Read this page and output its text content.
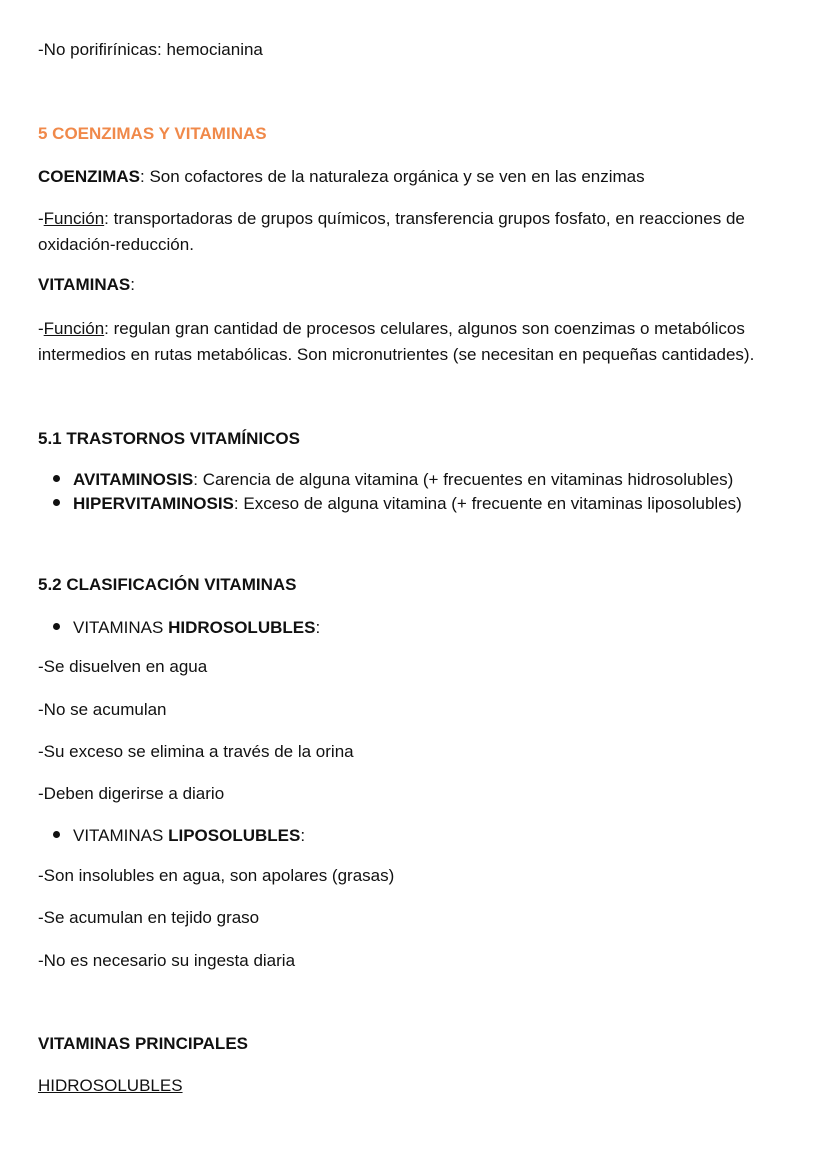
-No porifirínicas: hemocianina
5 COENZIMAS Y VITAMINAS
COENZIMAS: Son cofactores de la naturaleza orgánica y se ven en las enzimas
-Función: transportadoras de grupos químicos, transferencia grupos fosfato, en reacciones de oxidación-reducción.
VITAMINAS:
-Función: regulan gran cantidad de procesos celulares, algunos son coenzimas o metabólicos intermedios en rutas metabólicas. Son micronutrientes (se necesitan en pequeñas cantidades).
5.1 TRASTORNOS VITAMÍNICOS
AVITAMINOSIS: Carencia de alguna vitamina (+ frecuentes en vitaminas hidrosolubles)
HIPERVITAMINOSIS: Exceso de alguna vitamina (+ frecuente en vitaminas liposolubles)
5.2 CLASIFICACIÓN VITAMINAS
VITAMINAS HIDROSOLUBLES:
-Se disuelven en agua
-No se acumulan
-Su exceso se elimina a través de la orina
-Deben digerirse a diario
VITAMINAS LIPOSOLUBLES:
-Son insolubles en agua, son apolares (grasas)
-Se acumulan en tejido graso
-No es necesario su ingesta diaria
VITAMINAS PRINCIPALES
HIDROSOLUBLES
